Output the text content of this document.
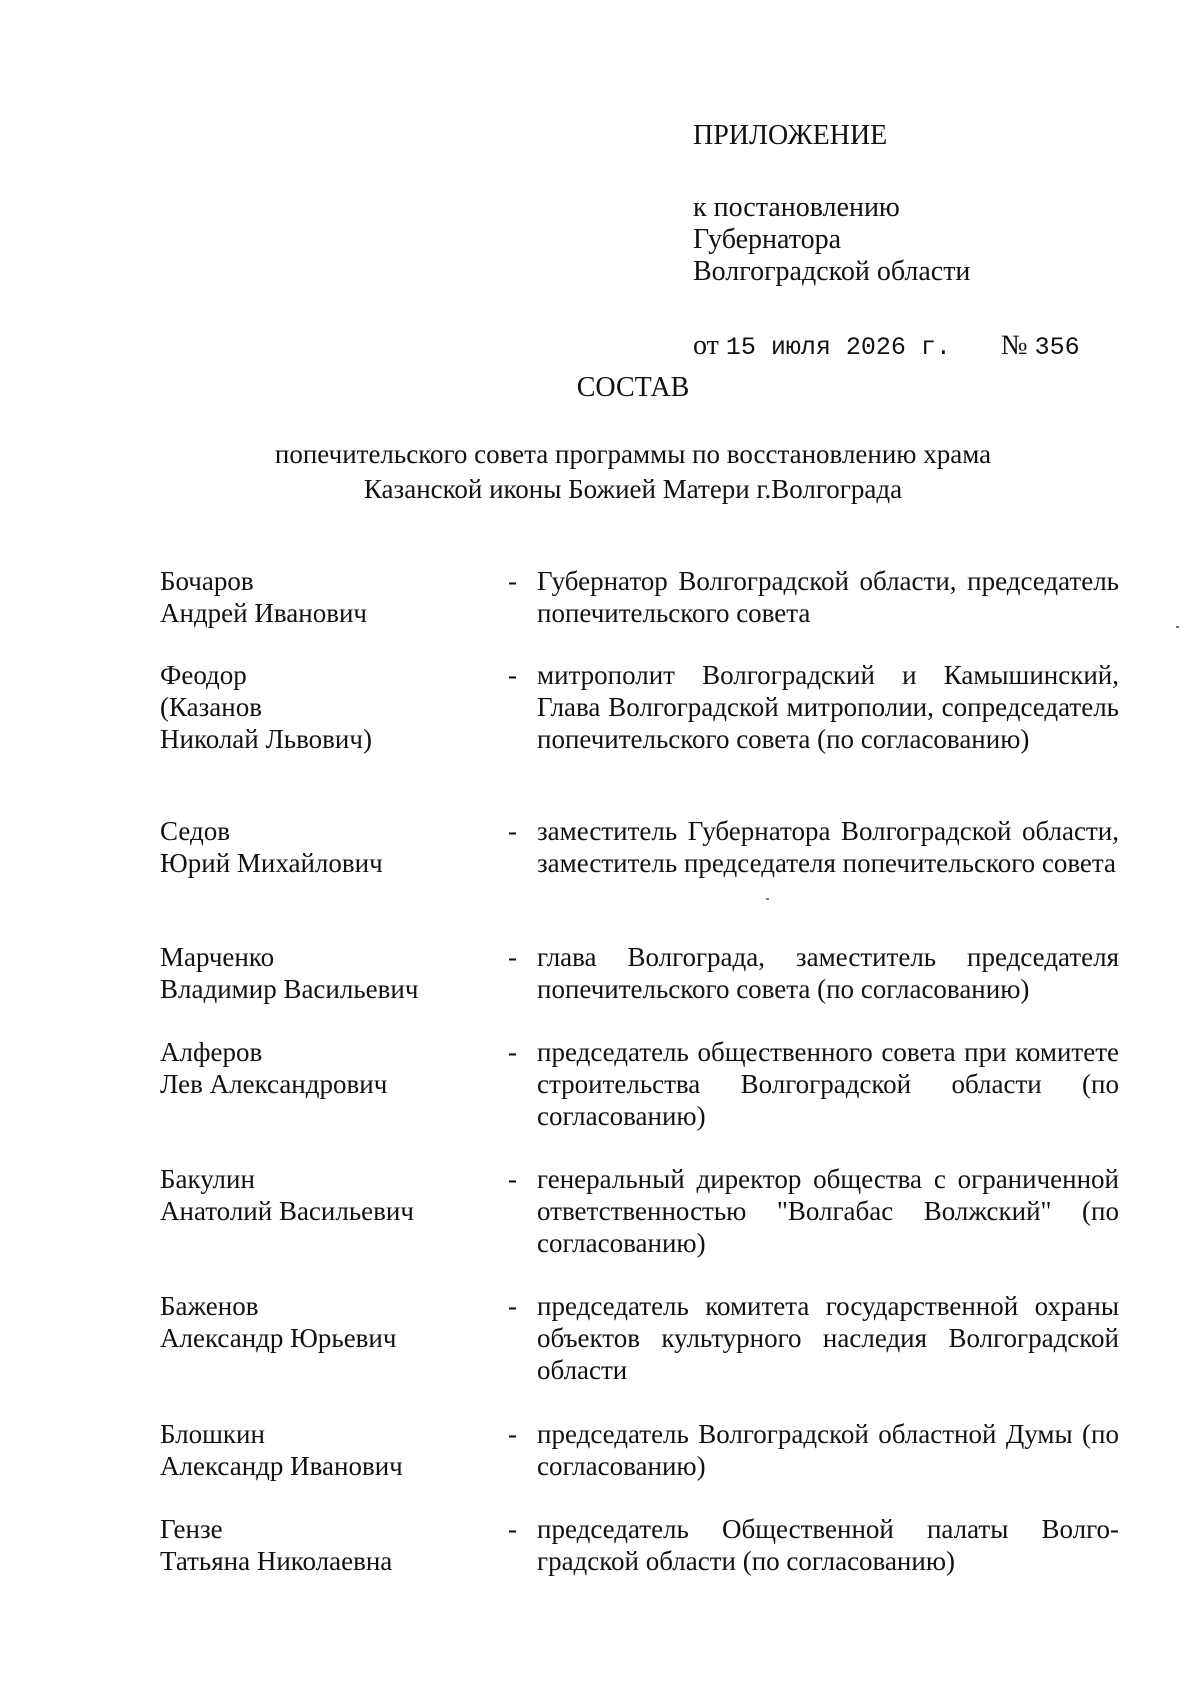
ПРИЛОЖЕНИЕ
к постановлению
Губернатора
Волгоградской области
от 15 июля 2026 г. № 356
СОСТАВ
попечительского совета программы по восстановлению храма
Казанской иконы Божией Матери г.Волгограда
Бочаров
Андрей Иванович
- Губернатор Волгоградской области, председатель попечительского совета
Феодор
(Казанов
Николай Львович)
- митрополит Волгоградский и Камышинский, Глава Волгоградской митрополии, сопредседатель попечительского совета (по согласованию)
Седов
Юрий Михайлович
- заместитель Губернатора Волгоградской области, заместитель председателя попечительского совета
Марченко
Владимир Васильевич
- глава Волгограда, заместитель председателя попечительского совета (по согласованию)
Алферов
Лев Александрович
- председатель общественного совета при комитете строительства Волгоградской области (по согласованию)
Бакулин
Анатолий Васильевич
- генеральный директор общества с ограниченной ответственностью "Волгабас Волжский" (по согласованию)
Баженов
Александр Юрьевич
- председатель комитета государственной охраны объектов культурного наследия Волгоградской области
Блошкин
Александр Иванович
- председатель Волгоградской областной Думы (по согласованию)
Гензе
Татьяна Николаевна
- председатель Общественной палаты Волгоградской области (по согласованию)
